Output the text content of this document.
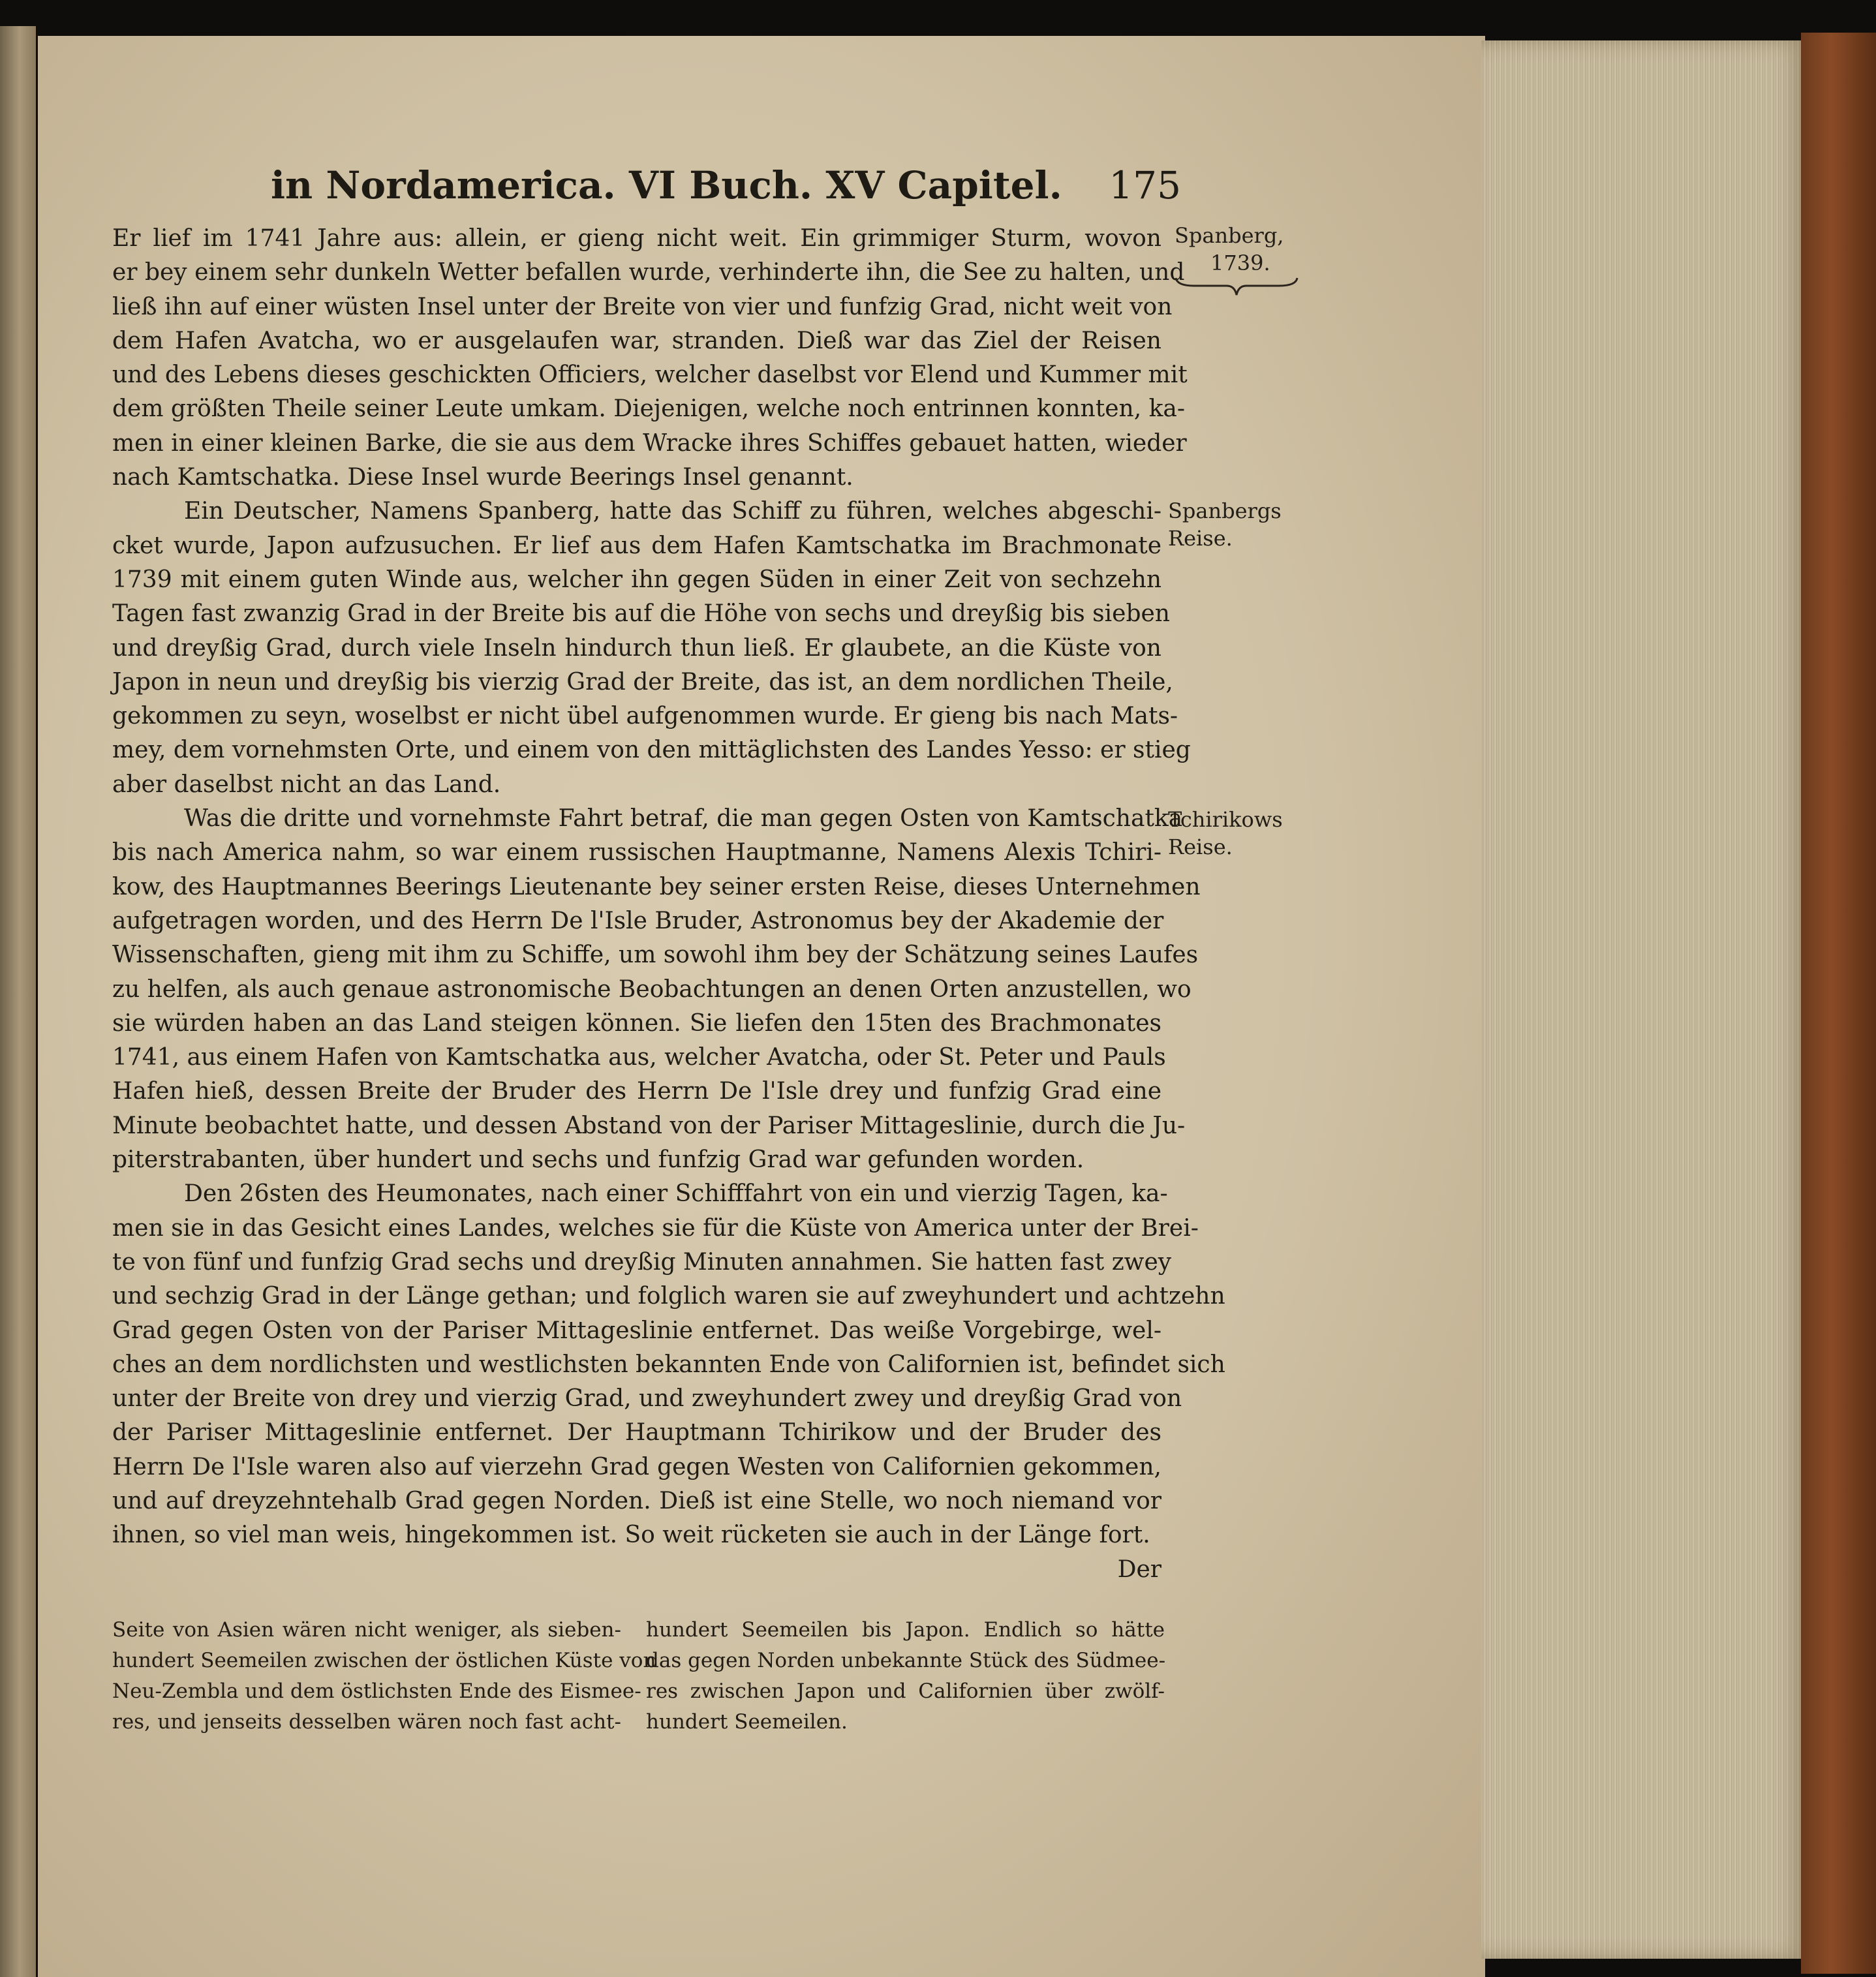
in Nordamerica. VI Buch. XV Capitel. 175
Er lief im 1741 Jahre aus: allein, er gieng nicht weit. Ein grimmiger Sturm, wovon
er bey einem sehr dunkeln Wetter befallen wurde, verhinderte ihn, die See zu halten, und
ließ ihn auf einer wüsten Insel unter der Breite von vier und funfzig Grad, nicht weit von
dem Hafen Avatcha, wo er ausgelaufen war, stranden. Dieß war das Ziel der Reisen
und des Lebens dieses geschickten Officiers, welcher daselbst vor Elend und Kummer mit
dem größten Theile seiner Leute umkam. Diejenigen, welche noch entrinnen konnten, ka-
men in einer kleinen Barke, die sie aus dem Wracke ihres Schiffes gebauet hatten, wieder
nach Kamtschatka. Diese Insel wurde Beerings Insel genannt.
Ein Deutscher, Namens Spanberg, hatte das Schiff zu führen, welches abgeschi-
cket wurde, Japon aufzusuchen. Er lief aus dem Hafen Kamtschatka im Brachmonate
1739 mit einem guten Winde aus, welcher ihn gegen Süden in einer Zeit von sechzehn
Tagen fast zwanzig Grad in der Breite bis auf die Höhe von sechs und dreyßig bis sieben
und dreyßig Grad, durch viele Inseln hindurch thun ließ. Er glaubete, an die Küste von
Japon in neun und dreyßig bis vierzig Grad der Breite, das ist, an dem nordlichen Theile,
gekommen zu seyn, woselbst er nicht übel aufgenommen wurde. Er gieng bis nach Mats-
mey, dem vornehmsten Orte, und einem von den mittäglichsten des Landes Yesso: er stieg
aber daselbst nicht an das Land.
Was die dritte und vornehmste Fahrt betraf, die man gegen Osten von Kamtschatka
bis nach America nahm, so war einem russischen Hauptmanne, Namens Alexis Tchiri-
kow, des Hauptmannes Beerings Lieutenante bey seiner ersten Reise, dieses Unternehmen
aufgetragen worden, und des Herrn De l'Isle Bruder, Astronomus bey der Akademie der
Wissenschaften, gieng mit ihm zu Schiffe, um sowohl ihm bey der Schätzung seines Laufes
zu helfen, als auch genaue astronomische Beobachtungen an denen Orten anzustellen, wo
sie würden haben an das Land steigen können. Sie liefen den 15ten des Brachmonates
1741, aus einem Hafen von Kamtschatka aus, welcher Avatcha, oder St. Peter und Pauls
Hafen hieß, dessen Breite der Bruder des Herrn De l'Isle drey und funfzig Grad eine
Minute beobachtet hatte, und dessen Abstand von der Pariser Mittageslinie, durch die Ju-
piterstrabanten, über hundert und sechs und funfzig Grad war gefunden worden.
Den 26sten des Heumonates, nach einer Schifffahrt von ein und vierzig Tagen, ka-
men sie in das Gesicht eines Landes, welches sie für die Küste von America unter der Brei-
te von fünf und funfzig Grad sechs und dreyßig Minuten annahmen. Sie hatten fast zwey
und sechzig Grad in der Länge gethan; und folglich waren sie auf zweyhundert und achtzehn
Grad gegen Osten von der Pariser Mittageslinie entfernet. Das weiße Vorgebirge, wel-
ches an dem nordlichsten und westlichsten bekannten Ende von Californien ist, befindet sich
unter der Breite von drey und vierzig Grad, und zweyhundert zwey und dreyßig Grad von
der Pariser Mittageslinie entfernet. Der Hauptmann Tchirikow und der Bruder des
Herrn De l'Isle waren also auf vierzehn Grad gegen Westen von Californien gekommen,
und auf dreyzehntehalb Grad gegen Norden. Dieß ist eine Stelle, wo noch niemand vor
ihnen, so viel man weis, hingekommen ist. So weit rücketen sie auch in der Länge fort.
Der
Spanberg,
1739.
Spanbergs
Reise.
Tchirikows
Reise.
Seite von Asien wären nicht weniger, als sieben-
hundert Seemeilen zwischen der östlichen Küste von
Neu-Zembla und dem östlichsten Ende des Eismee-
res, und jenseits desselben wären noch fast acht-
hundert Seemeilen bis Japon. Endlich so hätte
das gegen Norden unbekannte Stück des Südmee-
res zwischen Japon und Californien über zwölf-
hundert Seemeilen.
